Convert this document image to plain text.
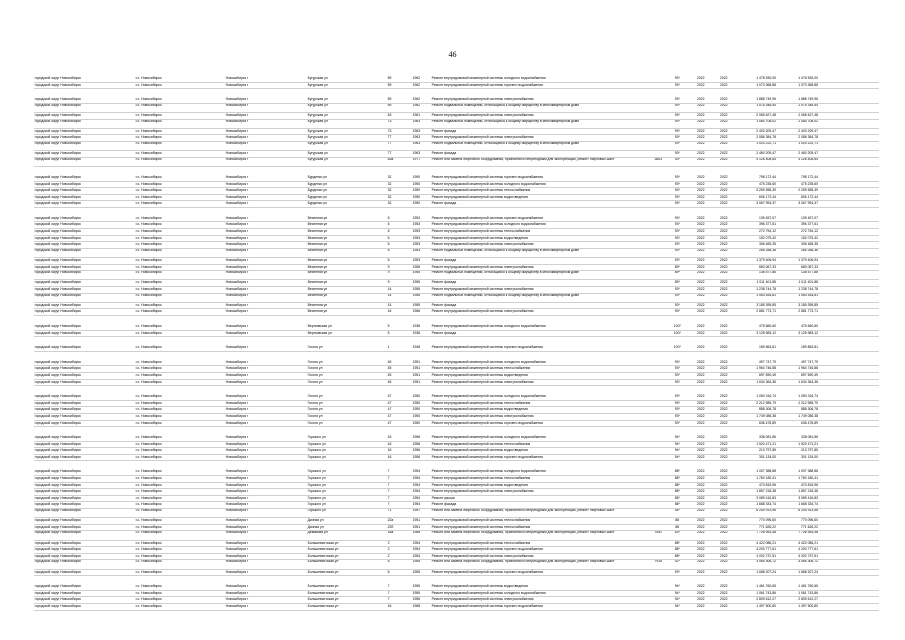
46
городской округ Новосибирск	г.о. Новосибирск	Новосибирск г	Бугурская ул	59	1962	Ремонт внутридомовой инженерной системы холодного водоснабжения	93*	2022	2022	1 478 530,00	1 478 530,00
городской округ Новосибирск	г.о. Новосибирск	Новосибирск г	Бугурская ул	59	1962	Ремонт внутридомовой инженерной системы горячего водоснабжения	93*	2022	2022	1 073 368,88	1 073 368,88
городской округ Новосибирск	г.о. Новосибирск	Новосибирск г	Бугурская ул	59	1962	Ремонт внутридомовой инженерной системы электроснабжения	93*	2022	2022	1 888 749,96	1 888 749,96
городской округ Новосибирск	г.о. Новосибирск	Новосибирск г	Бугурская ул	59	1962	Ремонт подвальных помещений, относящихся к общему имуществу в многоквартирном доме	93*	2022	2022	1 075 348,54	1 075 348,54
городской округ Новосибирск	г.о. Новосибирск	Новосибирск г	Бугурская ул	63	1961	Ремонт внутридомовой инженерной системы электроснабжения	93*	2022	2022	2 065 627,48	2 065 627,48
городской округ Новосибирск	г.о. Новосибирск	Новосибирск г	Бугурская ул	73	1963	Ремонт подвальных помещений, относящихся к общему имуществу в многоквартирном доме	93*	2022	2022	1 084 708,02	1 084 708,02
городской округ Новосибирск	г.о. Новосибирск	Новосибирск г	Бугурская ул	73	1963	Ремонт фасада	93*	2022	2022	2 403 209,47	2 403 209,47
городской округ Новосибирск	г.о. Новосибирск	Новосибирск г	Бугурская ул	77	1963	Ремонт внутридомовой инженерной системы электроснабжения	93*	2022	2022	2 086 384,78	2 086 384,78
городской округ Новосибирск	г.о. Новосибирск	Новосибирск г	Бугурская ул	77	1963	Ремонт подвальных помещений, относящихся к общему имуществу в многоквартирном доме	93*	2022	2022	1 024 222,71	1 024 222,71
городской округ Новосибирск	г.о. Новосибирск	Новосибирск г	Бугурская ул	77	1963	Ремонт фасада	93*	2022	2022	2 460 209,47	2 460 209,47
городской округ Новосибирск	г.о. Новосибирск	Новосибирск г	Бугурская ул	83а	1977	Ремонт или замена лифтового оборудования, признанного непригодным для эксплуатации, ремонт лифтовых шахт	3803	43*	2022	2022	4 126 408,64	4 126 408,64
городской округ Новосибирск	г.о. Новосибирск	Новосибирск г	Бурденко ул	32	1950	Ремонт внутридомовой инженерной системы горячего водоснабжения	93*	2022	2022	798 172,44	798 172,44
городской округ Новосибирск	г.о. Новосибирск	Новосибирск г	Бурденко ул	32	1950	Ремонт внутридомовой инженерной системы холодного водоснабжения	93*	2022	2022	475 235,60	475 235,60
городской округ Новосибирск	г.о. Новосибирск	Новосибирск г	Бурденко ул	32	1950	Ремонт внутридомовой инженерной системы теплоснабжения	93*	2022	2022	2 259 558,39	2 259 558,39
городской округ Новосибирск	г.о. Новосибирск	Новосибирск г	Бурденко ул	32	1950	Ремонт внутридомовой инженерной системы водоотведения	93*	2022	2022	606 172,44	606 172,44
городской округ Новосибирск	г.о. Новосибирск	Новосибирск г	Бурденко ул	32	1950	Ремонт фасада	93*	2022	2022	3 067 994,37	3 067 994,37
городской округ Новосибирск	г.о. Новосибирск	Новосибирск г	Весенняя ул	6	1953	Ремонт внутридомовой инженерной системы горячего водоснабжения	93*	2022	2022	139 457,07	139 457,07
городской округ Новосибирск	г.о. Новосибирск	Новосибирск г	Весенняя ул	6	1953	Ремонт внутридомовой инженерной системы холодного водоснабжения	93*	2022	2022	396 377,61	396 377,61
городской округ Новосибирск	г.о. Новосибирск	Новосибирск г	Весенняя ул	6	1953	Ремонт внутридомовой инженерной системы теплоснабжения	93*	2022	2022	272 754,12	272 754,12
городской округ Новосибирск	г.о. Новосибирск	Новосибирск г	Весенняя ул	6	1953	Ремонт внутридомовой инженерной системы водоотведения	93*	2022	2022	152 079,42	152 079,42
городской округ Новосибирск	г.о. Новосибирск	Новосибирск г	Весенняя ул	6	1953	Ремонт внутридомовой инженерной системы электроснабжения	93*	2022	2022	306 465,35	306 465,35
городской округ Новосибирск	г.о. Новосибирск	Новосибирск г	Весенняя ул	6	1953	Ремонт подвальных помещений, относящихся к общему имуществу в многоквартирном доме	93*	2022	2022	265 288,36	265 288,36
городской округ Новосибирск	г.о. Новосибирск	Новосибирск г	Весенняя ул	6	1953	Ремонт фасада	93*	2022	2022	1 379 406,94	1 379 406,94
городской округ Новосибирск	г.о. Новосибирск	Новосибирск г	Весенняя ул	9	1955	Ремонт внутридомовой инженерной системы электроснабжения	89*	2022	2022	683 067,33	683 067,33
городской округ Новосибирск	г.о. Новосибирск	Новосибирск г	Весенняя ул	9	1955	Ремонт подвальных помещений, относящихся к общему имуществу в многоквартирном доме	89*	2022	2022	136 577,86	136 577,86
городской округ Новосибирск	г.о. Новосибирск	Новосибирск г	Весенняя ул	9	1955	Ремонт фасада	89*	2022	2022	1 011 401,88	1 011 401,88
городской округ Новосибирск	г.о. Новосибирск	Новосибирск г	Весенняя ул	14	1955	Ремонт внутридомовой инженерной системы электроснабжения	93*	2022	2022	1 238 744,78	1 238 744,78
городской округ Новосибирск	г.о. Новосибирск	Новосибирск г	Весенняя ул	14	1955	Ремонт подвальных помещений, относящихся к общему имуществу в многоквартирном доме	93*	2022	2022	1 063 534,81	1 063 534,81
городской округ Новосибирск	г.о. Новосибирск	Новосибирск г	Весенняя ул	14	1955	Ремонт фасада	93*	2022	2022	3 185 395,85	3 185 395,85
городской округ Новосибирск	г.о. Новосибирск	Новосибирск г	Весенняя ул	16	1966	Ремонт внутридомовой инженерной системы электроснабжения	93*	2022	2022	2 881 773,71	2 881 773,71
городской округ Новосибирск	г.о. Новосибирск	Новосибирск г	Вертковская ул	5	1938	Ремонт внутридомовой инженерной системы холодного водоснабжения	100*	2022	2022	475 660,60	475 660,60
городской округ Новосибирск	г.о. Новосибирск	Новосибирск г	Вертковская ул	5	1938	Ремонт фасада	100*	2022	2022	3 125 983,12	3 125 983,12
городской округ Новосибирск	г.о. Новосибирск	Новосибирск г	Гоголя ул	1	1948	Ремонт внутридомовой инженерной системы горячего водоснабжения	100*	2022	2022	189 863,81	189 863,81
городской округ Новосибирск	г.о. Новосибирск	Новосибирск г	Гоголя ул	45	1951	Ремонт внутридомовой инженерной системы холодного водоснабжения	93*	2022	2022	497 747,79	497 747,79
городской округ Новосибирск	г.о. Новосибирск	Новосибирск г	Гоголя ул	45	1951	Ремонт внутридомовой инженерной системы теплоснабжения	93*	2022	2022	1 964 746,88	1 964 746,88
городской округ Новосибирск	г.о. Новосибирск	Новосибирск г	Гоголя ул	45	1951	Ремонт внутридомовой инженерной системы водоотведения	93*	2022	2022	697 690,49	697 690,49
городской округ Новосибирск	г.о. Новосибирск	Новосибирск г	Гоголя ул	45	1951	Ремонт внутридомовой инженерной системы электроснабжения	93*	2022	2022	1 634 364,36	1 634 364,36
городской округ Новосибирск	г.о. Новосибирск	Новосибирск г	Гоголя ул	47	1950	Ремонт внутридомовой инженерной системы холодного водоснабжения	93*	2022	2022	1 050 316,74	1 050 316,74
городской округ Новосибирск	г.о. Новосибирск	Новосибирск г	Гоголя ул	47	1950	Ремонт внутридомовой инженерной системы теплоснабжения	93*	2022	2022	2 212 985,79	2 212 985,79
городской округ Новосибирск	г.о. Новосибирск	Новосибирск г	Гоголя ул	47	1950	Ремонт внутридомовой инженерной системы водоотведения	93*	2022	2022	888 306,78	888 306,78
городской округ Новосибирск	г.о. Новосибирск	Новосибирск г	Гоголя ул	47	1950	Ремонт внутридомовой инженерной системы электроснабжения	93*	2022	2022	1 749 086,38	1 749 086,38
городской округ Новосибирск	г.о. Новосибирск	Новосибирск г	Гоголя ул	47	1950	Ремонт внутридомовой инженерной системы горячего водоснабжения	93*	2022	2022	636 478,89	636 478,89
городской округ Новосибирск	г.о. Новосибирск	Новосибирск г	Горького ул	16	1956	Ремонт внутридомовой инженерной системы холодного водоснабжения	94*	2022	2022	338 081,86	338 081,86
городской округ Новосибирск	г.о. Новосибирск	Новосибирск г	Горького ул	16	1956	Ремонт внутридомовой инженерной системы теплоснабжения	94*	2022	2022	1 520 471,21	1 520 471,21
городской округ Новосибирск	г.о. Новосибирск	Новосибирск г	Горького ул	16	1956	Ремонт внутридомовой инженерной системы водоотведения	94*	2022	2022	213 797,85	213 797,85
городской округ Новосибирск	г.о. Новосибирск	Новосибирск г	Горького ул	16	1956	Ремонт внутридомовой инженерной системы горячего водоснабжения	94*	2022	2022	301 134,00	301 134,00
городской округ Новосибирск	г.о. Новосибирск	Новосибирск г	Горького ул	7	1954	Ремонт внутридомовой инженерной системы холодного водоснабжения	88*	2022	2022	1 007 388,88	1 007 388,88
городской округ Новосибирск	г.о. Новосибирск	Новосибирск г	Горького ул	7	1954	Ремонт внутридомовой инженерной системы теплоснабжения	88*	2022	2022	1 760 180,41	1 760 180,41
городской округ Новосибирск	г.о. Новосибирск	Новосибирск г	Горького ул	7	1954	Ремонт внутридомовой инженерной системы водоотведения	88*	2022	2022	470 815,96	470 815,96
городской округ Новосибирск	г.о. Новосибирск	Новосибирск г	Горького ул	7	1954	Ремонт внутридомовой инженерной системы электроснабжения	88*	2022	2022	1 857 218,38	1 857 218,38
городской округ Новосибирск	г.о. Новосибирск	Новосибирск г	Горького ул	7	1954	Ремонт крыши	88*	2022	2022	3 089 416,83	3 089 416,83
городской округ Новосибирск	г.о. Новосибирск	Новосибирск г	Горького ул	7	1954	Ремонт фасада	88*	2022	2022	1 668 334,74	1 668 334,74
городской округ Новосибирск	г.о. Новосибирск	Новосибирск г	Горького ул	71	1957	Ремонт или замена лифтового оборудования, признанного непригодным для эксплуатации, ремонт лифтовых шахт	44*	2022	2022	6 204 913,96	6 204 913,96
городской округ Новосибирск	г.о. Новосибирск	Новосибирск г	Дачная ул	22а	1951	Ремонт внутридомовой инженерной системы теплоснабжения	88	2022	2022	770 096,60	770 096,60
городской округ Новосибирск	г.о. Новосибирск	Новосибирск г	Дачная ул	22б	1951	Ремонт внутридомовой инженерной системы теплоснабжения	88	2022	2022	771 626,22	771 626,22
городской округ Новосибирск	г.о. Новосибирск	Новосибирск г	Демакова ул	18а	1985	Ремонт или замена лифтового оборудования, признанного непригодным для эксплуатации, ремонт лифтовых шахт	7592	53*	2022	2022	7 726 953,48	7 726 953,48
городской округ Новосибирск	г.о. Новосибирск	Новосибирск г	Большевистская ул	2	1954	Ремонт внутридомовой инженерной системы теплоснабжения	88*	2022	2022	4 422 086,21	4 422 086,21
городской округ Новосибирск	г.о. Новосибирск	Новосибирск г	Большевистская ул	2	1954	Ремонт внутридомовой инженерной системы горячего водоснабжения	88*	2022	2022	4 200 777,61	4 200 777,61
городской округ Новосибирск	г.о. Новосибирск	Новосибирск г	Большевистская ул	2	1954	Ремонт внутридомовой инженерной системы электроснабжения	88*	2022	2022	4 002 737,51	4 002 737,51
городской округ Новосибирск	г.о. Новосибирск	Новосибирск г	Большевистская ул	6	1955	Ремонт или замена лифтового оборудования, признанного непригодным для эксплуатации, ремонт лифтовых шахт	7915	42*	2022	2022	3 065 306,72	3 065 306,72
городской округ Новосибирск	г.о. Новосибирск	Новосибирск г	Большевистская ул	6	1955	Ремонт внутридомовой инженерной системы горячего водоснабжения	93*	2022	2022	1 688 207,24	1 688 207,24
городской округ Новосибирск	г.о. Новосибирск	Новосибирск г	Большевистская ул	7	1955	Ремонт внутридомовой инженерной системы водоотведения	94*	2022	2022	1 461 760,65	1 461 760,65
городской округ Новосибирск	г.о. Новосибирск	Новосибирск г	Большевистская ул	7	1955	Ремонт внутридомовой инженерной системы холодного водоснабжения	94*	2022	2022	1 061 743,86	1 061 743,86
городской округ Новосибирск	г.о. Новосибирск	Новосибирск г	Большевистская ул	7	1955	Ремонт внутридомовой инженерной системы электроснабжения	94*	2022	2022	2 809 612,27	2 809 612,27
городской округ Новосибирск	г.о. Новосибирск	Новосибирск г	Большевистская ул	16	1968	Ремонт внутридомовой инженерной системы горячего водоснабжения	94*	2022	2022	1 497 500,80	1 497 500,80
